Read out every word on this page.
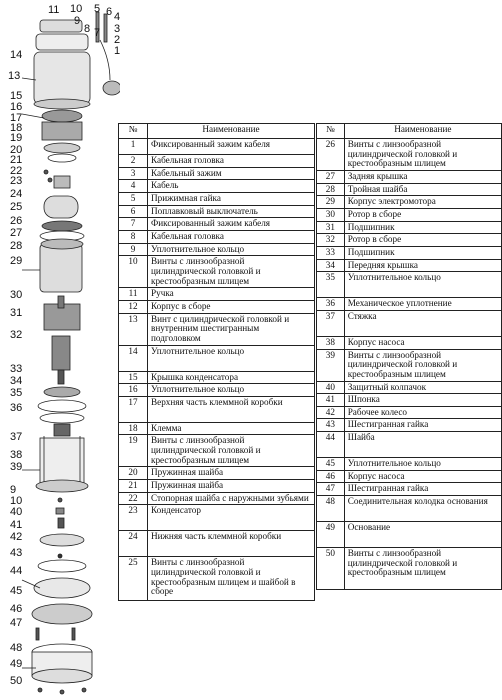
14
15
16
17
18
19
20
21
22
23
24
25
26
27
28
29
30
31
32
33
34
35
36
37
38
39
9
10
40
41
42
43
44
45
46
47
48
49
50
13
11 10
9
8
5 6 4
3
2
1
7
№	Наименование
1	Фиксированный зажим кабеля
2	Кабельная головка
3	Кабельный зажим
4	Кабель
5	Прижимная гайка
6	Поплавковый выключатель
7	Фиксированный зажим кабеля
8	Кабельная головка
9	Уплотнительное кольцо
10	Винты с линзообразной цилиндрической головкой и крестообразным шлицем
11	Ручка
12	Корпус в сборе
13	Винт с цилиндрической головкой и внутренним шестигранным подголовком
14	Уплотнительное кольцо
15	Крышка конденсатора
16	Уплотнительное кольцо
17	Верхняя часть клеммной коробки
18	Клемма
19	Винты с линзообразной цилиндрической головкой и крестообразным шлицем
20	Пружинная шайба
21	Пружинная шайба
22	Стопорная шайба с наружными зубьями
23	Конденсатор
24	Нижняя часть клеммной коробки
25	Винты с линзообразной цилиндрической головкой и крестообразным шлицем и шайбой в сборе
№	Наименование
26	Винты с линзообразной цилиндрической головкой и крестообразным шлицем
27	Задняя крышка
28	Тройная шайба
29	Корпус электромотора
30	Ротор в сборе
31	Подшипник
32	Ротор в сборе
33	Подшипник
34	Передняя крышка
35	Уплотнительное кольцо
36	Механическое уплотнение
37	Стяжка
38	Корпус насоса
39	Винты с линзообразной цилиндрической головкой и крестообразным шлицем
40	Защитный колпачок
41	Шпонка
42	Рабочее колесо
43	Шестигранная гайка
44	Шайба
45	Уплотнительное кольцо
46	Корпус насоса
47	Шестигранная гайка
48	Соединительная колодка основания
49	Основание
50	Винты с линзообразной цилиндрической головкой и крестообразным шлицем
